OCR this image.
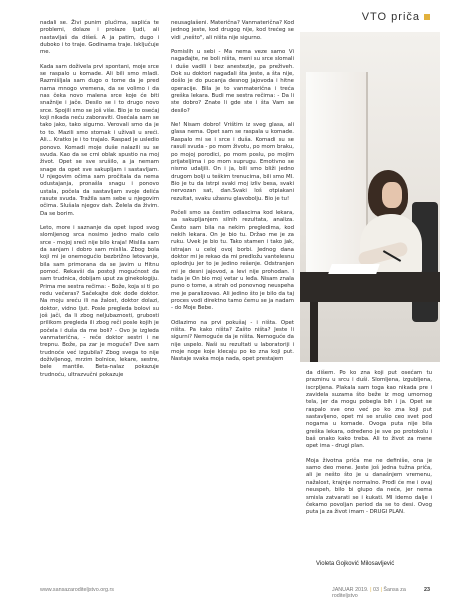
VTO priča

nadali se. Živi punim plućima, saplića te problemi, dolaze i prolaze ljudi, ali nastavljaš da dišeš. A ja patim, dugo i duboko i to traje. Godinama traje. Isključuje me.

Kada sam doživela prvi spontani, moje srce se raspalo u komade. Ali bili smo mladi. Razmišljala sam dugo o tome da je pred nama mnogo vremena, da se volimo i da nas čeka novo malena srce koje će biti snažnije i jače. Desilo se i to drugo novo srce. Spojili smo se još više. Bio je to osećaj koji nikada neću zaboraviti. Osećala sam se tako jako, tako sigurno. Verovali smo da je to to. Mazili smo stomak i uživali u sreći. Ali... Kratko je i to trajalo. Raspad je usledio ponovo. Komadi moje duše nalazili su se svuda. Kao da se crni oblak spustio na moj život. Opet se sve srušilo, a ja nemam snage da opet sve sakupljam i sastavljam. U njegovim očima sam pročitala da nema odustajanja, pronašla snagu i ponovo ustala, počela da sastavljam svoje delića rasute svuda. Tražila sam sebe u njegovim očima. Slušala njegov dah. Želela da živim. Da se borim.

Leto, more i saznanje da opet ispod svog slomljenog srca nosimo jedno malo celo srce - mojoj sreći nije bilo kraja! Mislila sam da sanjam i dobro sam mislila. Zbog bola koji mi je onemogućio bezbrižno letovanje, bila sam primorana da se javim u Hitnu pomoć. Rekavši da postoji mogućnost da sam trudnica, dobijam uput za ginekologiju. Prima me sestra rečima: - Bože, koja si ti po redu večeras? Sačekajte dok dođe doktor. Na moju sreću ili na žalost, doktor dolazi, doktor, vidno ljut. Posle pregleda bolovi su još jači, đa li zbog neljubaznosti, grubosti prilikom pregleda ili zbog reči posle kojih je počela i duša da me boli? - Ovo je izgleda vanmaterična, - reče doktor sestri i ne trepnu. Bože, pa zar je moguće? Dve sam trudnoće već izgubila? Zbog svega to nije doživljenog, mrzim bolnice, lekare, sestre, bele mantile. Beta-nalaz pokazuje trudnoću, ultrazvučni pokazuje

neusaglašeni. Materična? Vanmaterična? Kod jednog jeste, kod drugog nije, kod trećeg se vidi „nešto", ali ništa nije sigurno.

Pomislih u sebi - Ma nema veze samo Vi nagađajte, ne boli ništa, meni su srce slomali i duše vadili i bez anestezije, pa preživeh. Dok su doktori nagađali šta jeste, a šta nije, došlo je do pucanja desnog jajovoda i hitne operacije. Bila je to vanmaterična i treća greška lekara. Budi me sestra rečima: - Da li ste dobro? Znate li gde ste i šta Vam se desilo?

Ne! Nisam dobro! Vrištim iz sveg glasa, ali glasa nema. Opet sam se raspala u komade. Raspalo mi se i srce i duša. Komadi su se rasuli svuda - po mom životu, po mom braku, po mojoj porodici, po mom poslu, po mojim prijateljima i po mom suprugu. Emotivno se nismo udaljili. On i ja, bili smo bliži jedno drugom bolji u teškim trenucima, bili smo MI. Bio je tu da istrpi svaki moj izliv besa, svaki nervozan sat, dan.Svaki loš otpiakani rezultat, svaku užasnu glavobolju. Bio je tu!

Počeli smo sa čestim odlascima kod lekara, sa sakupljanjem silnih rezultata, analiza. Često sam bila na nekim pregledima, kod nekih lekara. On je bio tu. Držao me je za ruku. Uvek je bio tu. Tako stamen i tako jak, istrajan u celoj ovoj borbi. Jednog dana doktor mi je rekao da mi predložu vantelesnu oplodnju jer to je jedino rešenje. Odstranjen mi je desni jajovod, a levi nije prohodan. I tada je On bio moj vetar u leđa. Nisam znala puno o tome, a strah od ponovnog neuspeha me je paralizovao. Ali jedino što je bilo da taj proces vodi direktno tamo čemu se ja nadam - do Moje Bebe.

Odlazimo na prvi pokušaj - i ništa. Opet ništa. Pa kako ništa? Zašto ništa? Jeste li sigurni? Nemoguće da je ništa. Nemoguće da nije uspelo. Naši su rezultati u laboratoriji i moje noge koje klecaju po ko zna koji put. Nastaje svaka moja nada, opet prestajem

da dišem. Po ko zna koji put osećam tu prazninu u srcu i duši. Slomljena, izgubljena, iscrpljena. Plakala sam toga kao nikada pre i zavidela suzama što beže iz mog umornog tela, jer da mogu pobegla bih i ja. Opet se raspalo sve ono već po ko zna koji put sastavljeno, opet mi se srušio ceo svet pod nogama u komade. Ovoga puta nije bila greška lekara, određeno je sve po protokolu i baš onako kako treba. Ali to život za mene opet ima - drugi plan.

Moja životna priča me ne definiše, ona je samo deo mene. Jeste još jedna tužna priča, ali je nešto što je u današnjem vremenu, nažalost, krajnje normalno. Prođi će me i ovaj neuspeh, bilo bi glupo da neće, jer nema smisla zatvarati se i kukati. MI idemo dalje i čekamo povoljan period da se to desi. Ovog puta ja za život imam - DRUGI PLAN.

Violeta Gojković Milosavljević
www.sansazaroditeljstvo.org.rs	JANUAR 2019. | 03 | Šansa za roditeljstvo
23
